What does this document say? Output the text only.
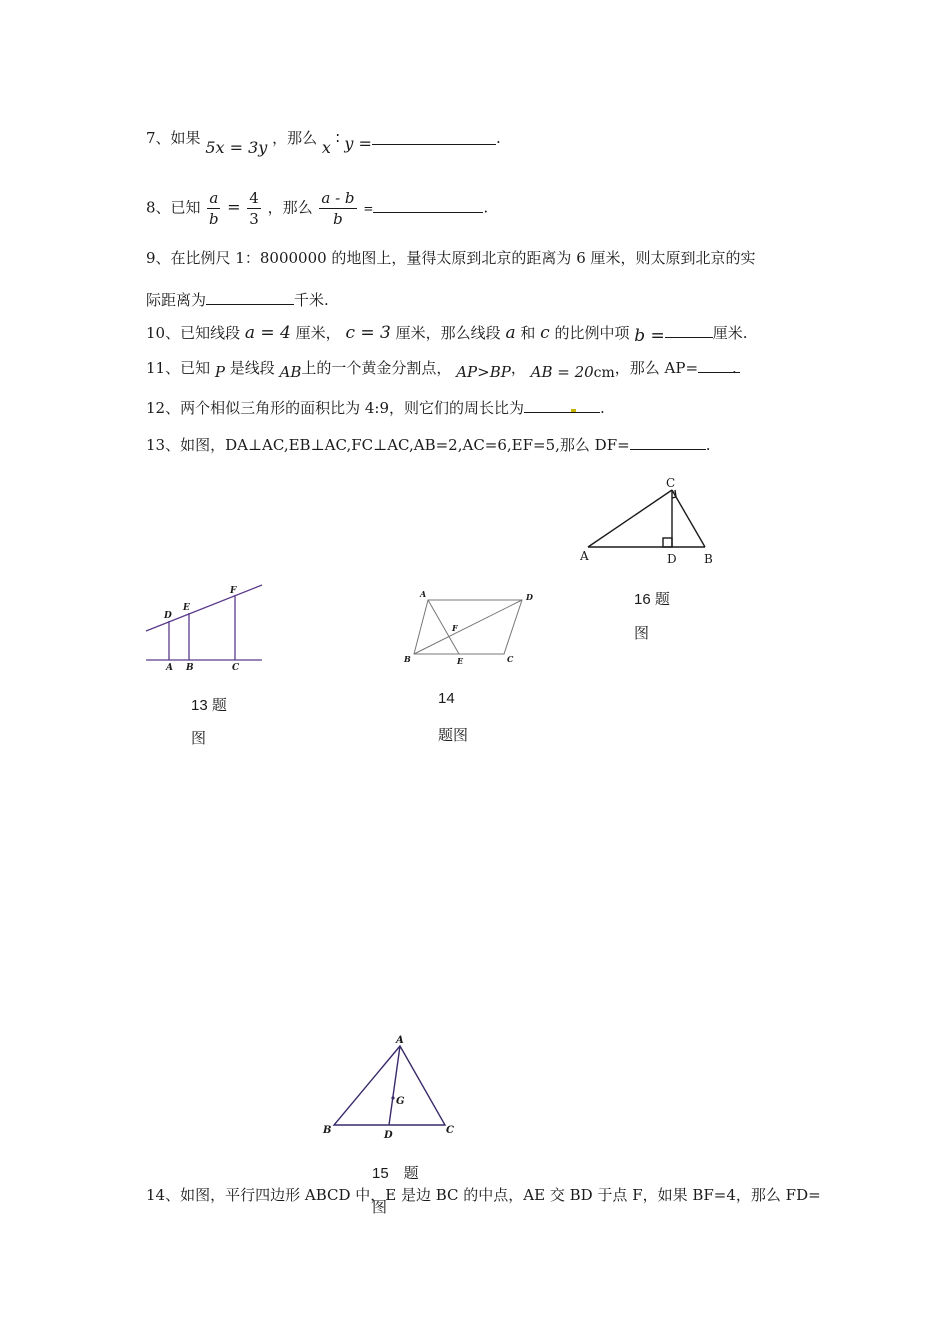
7、如果 5x = 3y ，那么 x ∶ y =	.
8、已知 $\frac{a}{b} = \frac{4}{3}$ ，那么 $\frac{a - b}{b}$ =	.
9、在比例尺 1：8000000 的地图上，量得太原到北京的距离为 6 厘米，则太原到北京的实
际距离为	千米.
10、已知线段 a = 4 厘米， c = 3 厘米，那么线段 a 和 c 的比例中项 b =	厘米.
11、已知 P 是线段 AB上的一个黄金分割点， AP>BP， AB = 20cm，那么 AP= .
12、两个相似三角形的面积比为 4:9，则它们的周长比为	.
13、如图，DA⊥AC,EB⊥AC,FC⊥AC,AB=2,AC=6,EF=5,那么 DF=	.
C
A	D B
16 题
图
D
E
F
A B	C
13 题
图
A	D
F
B	E	C
14
题图
A
G
B	D	C
15　题
14、如图，平行四边形 ABCD 中，E 是边 BC 的中点，AE 交 BD 于点 F，如果 BF=4，那么 FD=
图
